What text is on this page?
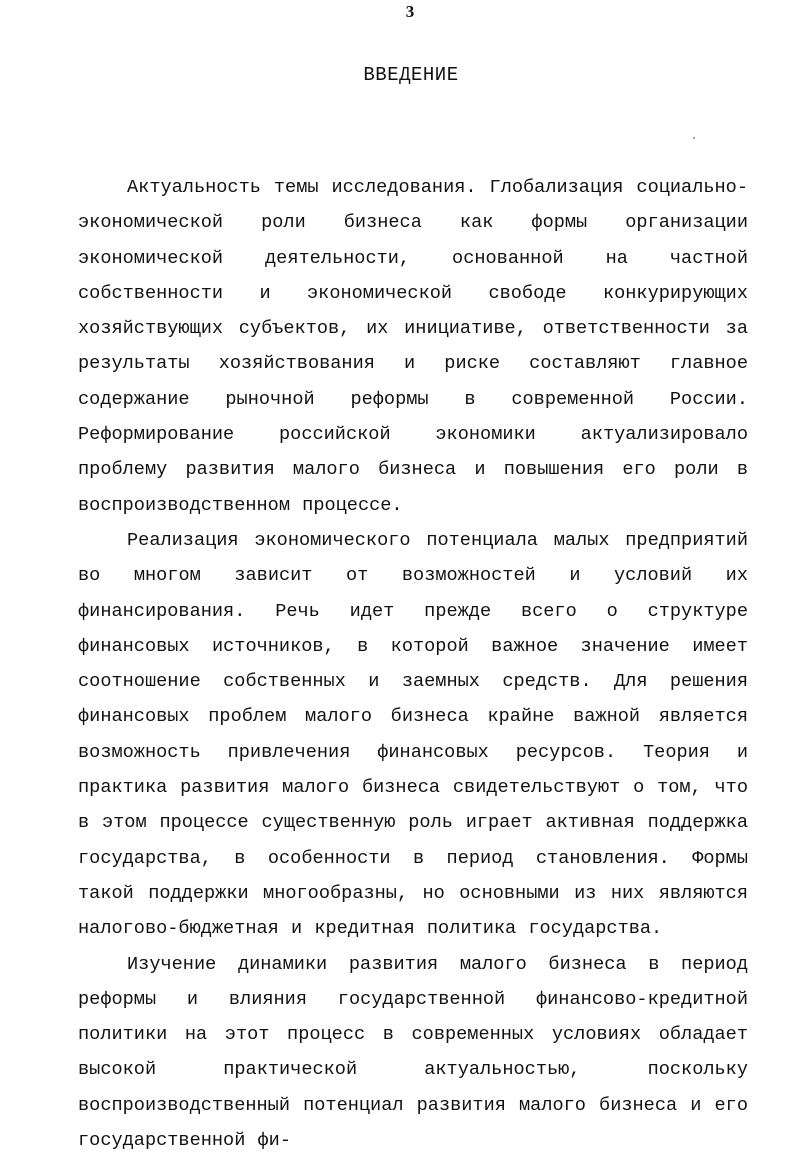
3
ВВЕДЕНИЕ

Актуальность темы исследования. Глобализация социально-экономической роли бизнеса как формы организации экономической деятельности, основанной на частной собственности и экономической свободе конкурирующих хозяйствующих субъектов, их инициативе, ответственности за результаты хозяйствования и риске составляют главное содержание рыночной реформы в современной России. Реформирование российской экономики актуализировало проблему развития малого бизнеса и повышения его роли в воспроизводственном процессе.

Реализация экономического потенциала малых предприятий во многом зависит от возможностей и условий их финансирования. Речь идет прежде всего о структуре финансовых источников, в которой важное значение имеет соотношение собственных и заемных средств. Для решения финансовых проблем малого бизнеса крайне важной является возможность привлечения финансовых ресурсов. Теория и практика развития малого бизнеса свидетельствуют о том, что в этом процессе существенную роль играет активная поддержка государства, в особенности в период становления. Формы такой поддержки многообразны, но основными из них являются налогово-бюджетная и кредитная политика государства.

Изучение динамики развития малого бизнеса в период реформы и влияния государственной финансово-кредитной политики на этот процесс в современных условиях обладает высокой практической актуальностью, поскольку воспроизводственный потенциал развития малого бизнеса и его государственной фи-
